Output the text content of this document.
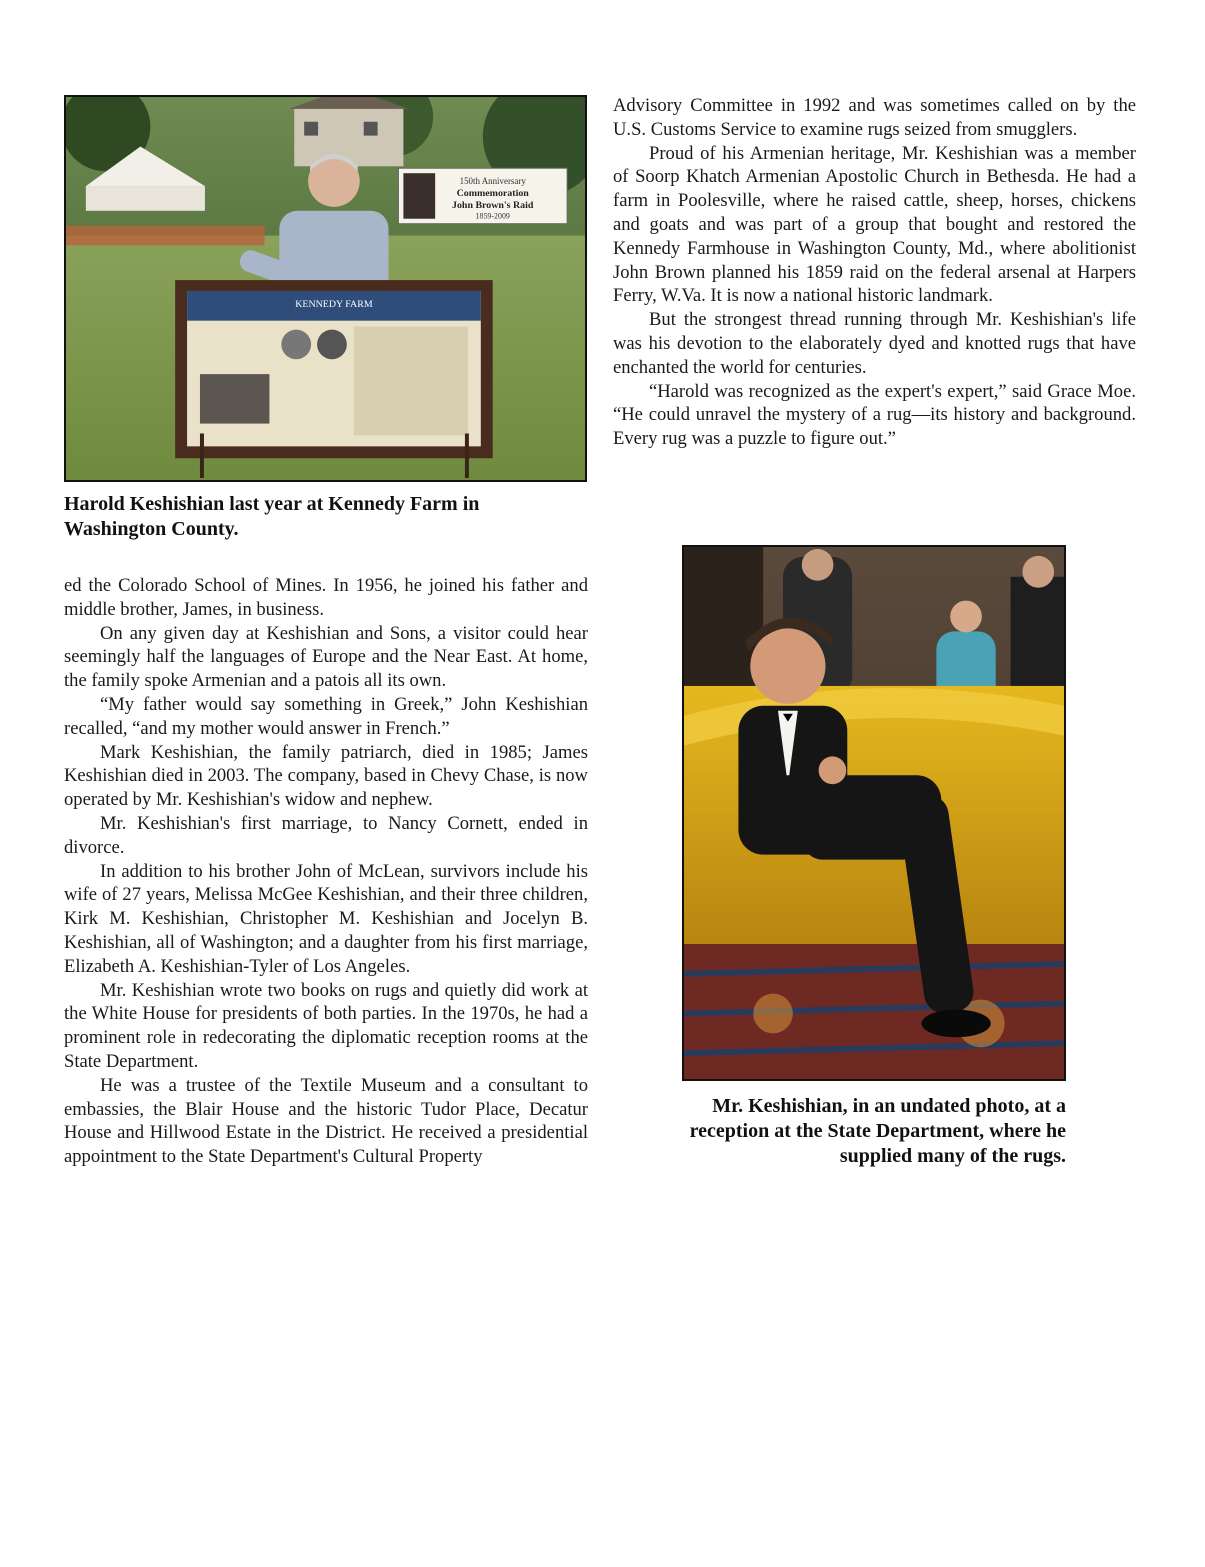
150th Anniversary
Commemoration
John Brown's Raid
1859-2009
KENNEDY FARM
Harold Keshishian last year at Kennedy Farm in Washington County.

Advisory Committee in 1992 and was sometimes called on by the U.S. Customs Service to examine rugs seized from smugglers.

Proud of his Armenian heritage, Mr. Keshishian was a member of Soorp Khatch Armenian Apostolic Church in Bethesda. He had a farm in Poolesville, where he raised cattle, sheep, horses, chickens and goats and was part of a group that bought and restored the Kennedy Farmhouse in Washington County, Md., where abolitionist John Brown planned his 1859 raid on the federal arsenal at Harpers Ferry, W.Va. It is now a national historic landmark.

But the strongest thread running through Mr. Keshishian's life was his devotion to the elaborately dyed and knotted rugs that have enchanted the world for centuries.

“Harold was recognized as the expert's expert,” said Grace Moe. “He could unravel the mystery of a rug—its history and background. Every rug was a puzzle to figure out.”

ed the Colorado School of Mines. In 1956, he joined his father and middle brother, James, in business.

On any given day at Keshishian and Sons, a visitor could hear seemingly half the languages of Europe and the Near East. At home, the family spoke Armenian and a patois all its own.

“My father would say something in Greek,” John Keshishian recalled, “and my mother would answer in French.”

Mark Keshishian, the family patriarch, died in 1985; James Keshishian died in 2003. The company, based in Chevy Chase, is now operated by Mr. Keshishian's widow and nephew.

Mr. Keshishian's first marriage, to Nancy Cornett, ended in divorce.

In addition to his brother John of McLean, survivors include his wife of 27 years, Melissa McGee Keshishian, and their three children, Kirk M. Keshishian, Christopher M. Keshishian and Jocelyn B. Keshishian, all of Washington; and a daughter from his first marriage, Elizabeth A. Keshishian-Tyler of Los Angeles.

Mr. Keshishian wrote two books on rugs and quietly did work at the White House for presidents of both parties. In the 1970s, he had a prominent role in redecorating the diplomatic reception rooms at the State Department.

He was a trustee of the Textile Museum and a consultant to embassies, the Blair House and the historic Tudor Place, Decatur House and Hillwood Estate in the District. He received a presidential appointment to the State Department's Cultural Property

Mr. Keshishian, in an undated photo, at a reception at the State Department, where he supplied many of the rugs.
